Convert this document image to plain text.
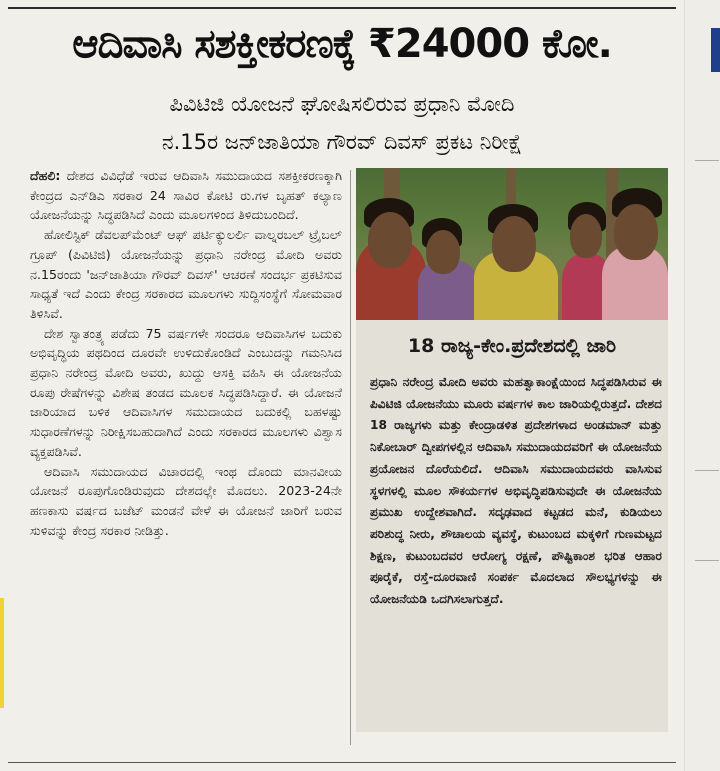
ಆದಿವಾಸಿ ಸಶಕ್ತೀಕರಣಕ್ಕೆ ₹24000 ಕೋ.
ಪಿವಿಟಿಜಿ ಯೋಜನೆ ಘೋಷಿಸಲಿರುವ ಪ್ರಧಾನಿ ಮೋದಿ
ನ.15ರ ಜನ್‌ಜಾತಿಯಾ ಗೌರವ್ ದಿವಸ್ ಪ್ರಕಟ ನಿರೀಕ್ಷೆ

ದೆಹಲಿ: ದೇಶದ ವಿವಿಧೆಡೆ ಇರುವ ಆದಿವಾಸಿ ಸಮುದಾಯದ ಸಶಕ್ತೀಕರಣಕ್ಕಾಗಿ ಕೇಂದ್ರದ ಎನ್‌ಡಿಎ ಸರಕಾರ 24 ಸಾವಿರ ಕೋಟಿ ರು.ಗಳ ಬೃಹತ್ ಕಲ್ಯಾಣ ಯೋಜನೆಯನ್ನು ಸಿದ್ಧಪಡಿಸಿದೆ ಎಂದು ಮೂಲಗಳಿಂದ ತಿಳಿದುಬಂದಿದೆ.

ಹೋಲಿಸ್ಟಿಕ್ ಡೆವಲಪ್‌ಮೆಂಟ್ ಆಫ್ ಪರ್ಟಿಕ್ಯುಲರ್ಲಿ ವಾಲ್ನರಬಲ್ ಟ್ರೈಬಲ್ ಗ್ರೂಪ್ (ಪಿವಿಟಿಜಿ) ಯೋಜನೆಯನ್ನು ಪ್ರಧಾನಿ ನರೇಂದ್ರ ಮೋದಿ ಅವರು ನ.15ರಂದು 'ಜನ್‌ಜಾತಿಯಾ ಗೌರವ್ ದಿವಸ್' ಆಚರಣೆ ಸಂದರ್ಭ ಪ್ರಕಟಿಸುವ ಸಾಧ್ಯತೆ ಇದೆ ಎಂದು ಕೇಂದ್ರ ಸರಕಾರದ ಮೂಲಗಳು ಸುದ್ದಿಸಂಸ್ಥೆಗೆ ಸೋಮವಾರ ತಿಳಿಸಿವೆ.

ದೇಶ ಸ್ವಾತಂತ್ರ್ಯ ಪಡೆದು 75 ವರ್ಷಗಳೇ ಸಂದರೂ ಆದಿವಾಸಿಗಳ ಬದುಕು ಅಭಿವೃದ್ಧಿಯ ಪಥದಿಂದ ದೂರವೇ ಉಳಿದುಕೊಂಡಿದೆ ಎಂಬುದನ್ನು ಗಮನಿಸಿದ ಪ್ರಧಾನಿ ನರೇಂದ್ರ ಮೋದಿ ಅವರು, ಖುದ್ದು ಆಸಕ್ತಿ ವಹಿಸಿ ಈ ಯೋಜನೆಯ ರೂಪು ರೇಷೆಗಳನ್ನು ವಿಶೇಷ ತಂಡದ ಮೂಲಕ ಸಿದ್ಧಪಡಿಸಿದ್ದಾರೆ. ಈ ಯೋಜನೆ ಜಾರಿಯಾದ ಬಳಿಕ ಆದಿವಾಸಿಗಳ ಸಮುದಾಯದ ಬದುಕಲ್ಲಿ ಬಹಳಷ್ಟು ಸುಧಾರಣೆಗಳನ್ನು ನಿರೀಕ್ಷಿಸಬಹುದಾಗಿದೆ ಎಂದು ಸರಕಾರದ ಮೂಲಗಳು ವಿಶ್ವಾಸ ವ್ಯಕ್ತಪಡಿಸಿವೆ.

ಆದಿವಾಸಿ ಸಮುದಾಯದ ವಿಚಾರದಲ್ಲಿ ಇಂಥ ದೊಂದು ಮಾನವೀಯ ಯೋಜನೆ ರೂಪುಗೊಂಡಿರುವುದು ದೇಶದಲ್ಲೇ ಮೊದಲು. 2023-24ನೇ ಹಣಕಾಸು ವರ್ಷದ ಬಜೆಟ್ ಮಂಡನೆ ವೇಳೆ ಈ ಯೋಜನೆ ಜಾರಿಗೆ ಬರುವ ಸುಳಿವನ್ನು ಕೇಂದ್ರ ಸರಕಾರ ನೀಡಿತ್ತು.

18 ರಾಜ್ಯ-ಕೇಂ.ಪ್ರದೇಶದಲ್ಲಿ ಜಾರಿ
ಪ್ರಧಾನಿ ನರೇಂದ್ರ ಮೋದಿ ಅವರು ಮಹತ್ವಾಕಾಂಕ್ಷೆಯಿಂದ ಸಿದ್ಧಪಡಿಸಿರುವ ಈ ಪಿವಿಟಿಜಿ ಯೋಜನೆಯು ಮೂರು ವರ್ಷಗಳ ಕಾಲ ಜಾರಿಯಲ್ಲಿರುತ್ತದೆ. ದೇಶದ 18 ರಾಜ್ಯಗಳು ಮತ್ತು ಕೇಂದ್ರಾಡಳಿತ ಪ್ರದೇಶಗಳಾದ ಅಂಡಮಾನ್ ಮತ್ತು ನಿಕೋಬಾರ್ ದ್ವೀಪಗಳಲ್ಲಿನ ಆದಿವಾಸಿ ಸಮುದಾಯದವರಿಗೆ ಈ ಯೋಜನೆಯ ಪ್ರಯೋಜನ ದೊರೆಯಲಿದೆ. ಆದಿವಾಸಿ ಸಮುದಾಯದವರು ವಾಸಿಸುವ ಸ್ಥಳಗಳಲ್ಲಿ ಮೂಲ ಸೌಕರ್ಯಗಳ ಅಭಿವೃದ್ಧಿಪಡಿಸುವುದೇ ಈ ಯೋಜನೆಯ ಪ್ರಮುಖ ಉದ್ದೇಶವಾಗಿದೆ. ಸದೃಢವಾದ ಕಟ್ಟಡದ ಮನೆ, ಕುಡಿಯಲು ಪರಿಶುದ್ಧ ನೀರು, ಶೌಚಾಲಯ ವ್ಯವಸ್ಥೆ, ಕುಟುಂಬದ ಮಕ್ಕಳಿಗೆ ಗುಣಮಟ್ಟದ ಶಿಕ್ಷಣ, ಕುಟುಂಬದವರ ಆರೋಗ್ಯ ರಕ್ಷಣೆ, ಪೌಷ್ಟಿಕಾಂಶ ಭರಿತ ಆಹಾರ ಪೂರೈಕೆ, ರಸ್ತೆ-ದೂರವಾಣಿ ಸಂಪರ್ಕ ಮೊದಲಾದ ಸೌಲಭ್ಯಗಳನ್ನು ಈ ಯೋಜನೆಯಡಿ ಒದಗಿಸಲಾಗುತ್ತದೆ.
